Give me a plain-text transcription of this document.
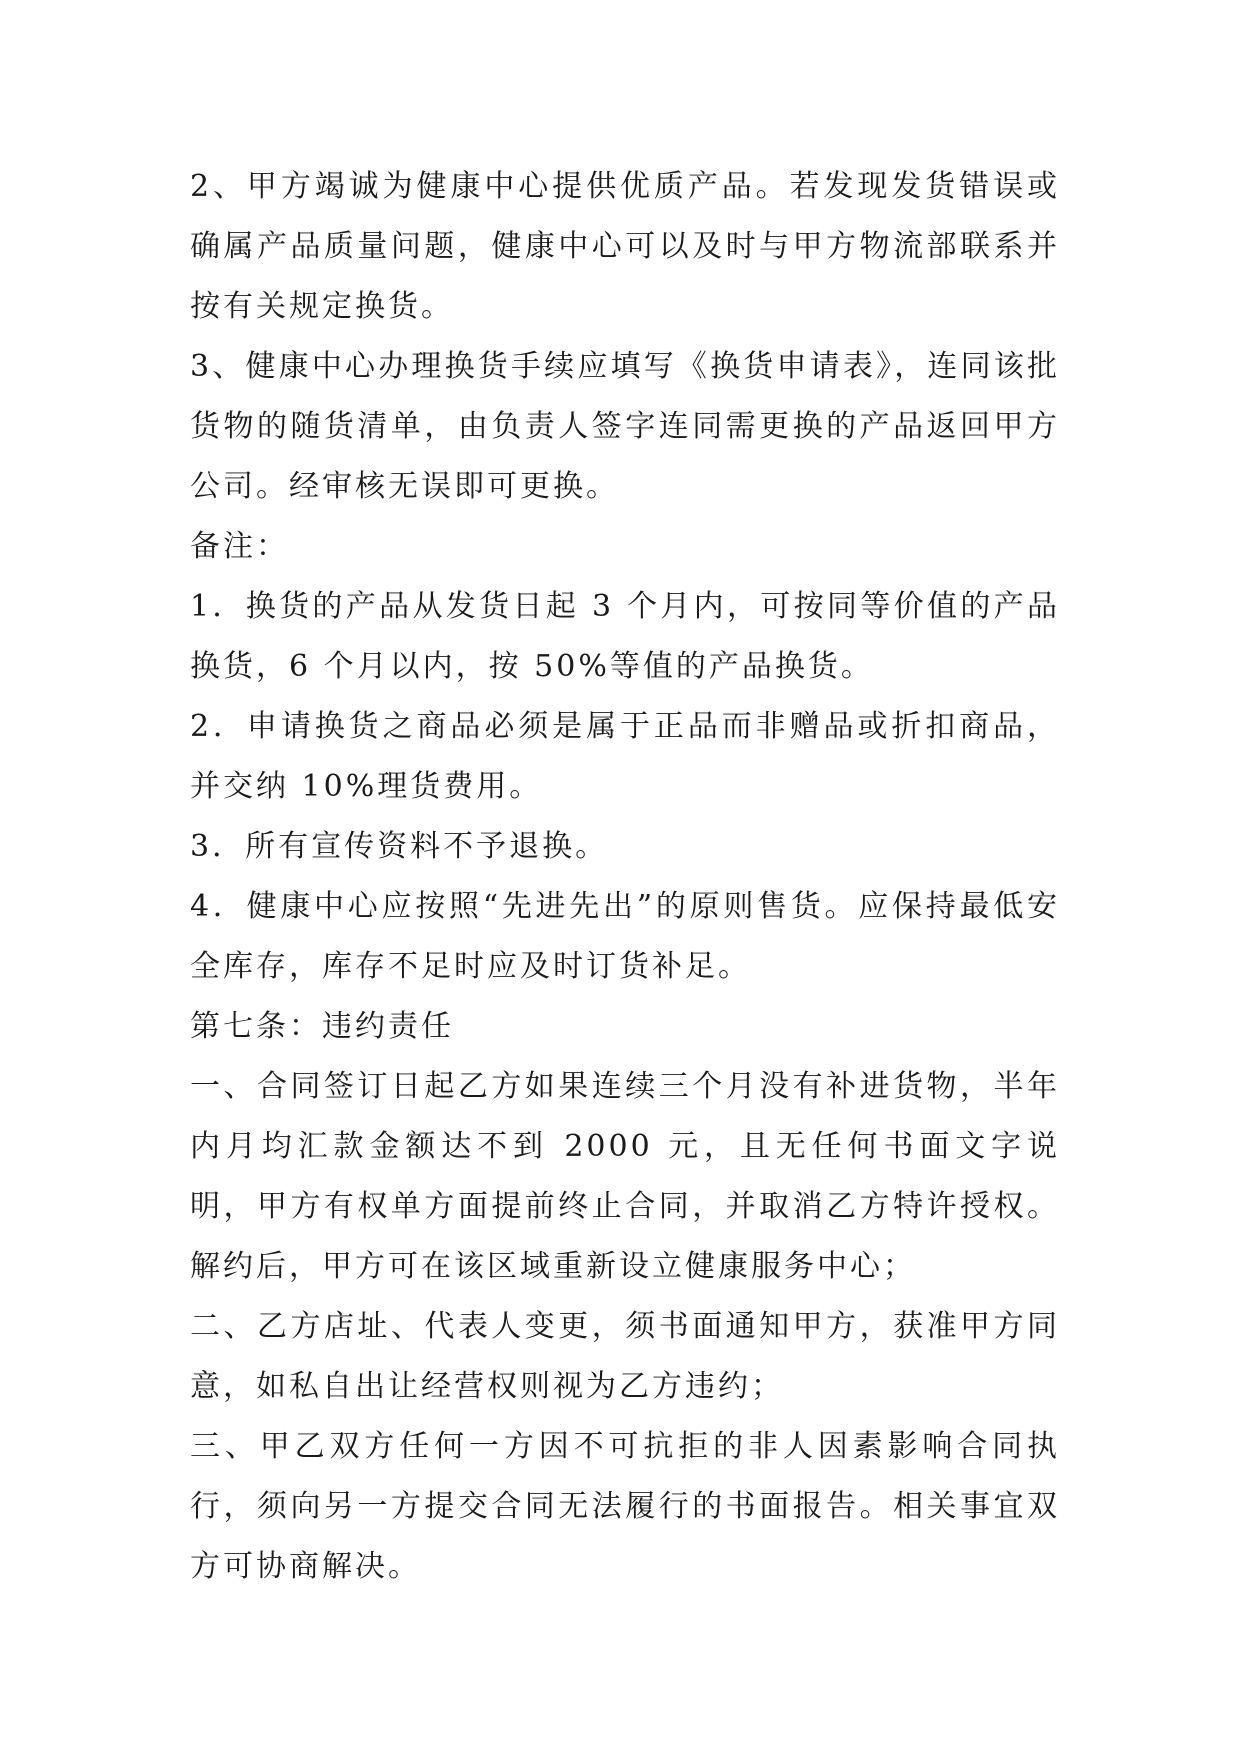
2、甲方竭诚为健康中心提供优质产品。若发现发货错误或确属产品质量问题，健康中心可以及时与甲方物流部联系并按有关规定换货。

3、健康中心办理换货手续应填写《换货申请表》，连同该批货物的随货清单，由负责人签字连同需更换的产品返回甲方公司。经审核无误即可更换。

备注：

1．换货的产品从发货日起 3 个月内，可按同等价值的产品换货，6 个月以内，按 50%等值的产品换货。

2．申请换货之商品必须是属于正品而非赠品或折扣商品，并交纳 10%理货费用。

3．所有宣传资料不予退换。

4．健康中心应按照“先进先出”的原则售货。应保持最低安全库存，库存不足时应及时订货补足。

第七条：违约责任

一、合同签订日起乙方如果连续三个月没有补进货物，半年内月均汇款金额达不到 2000 元，且无任何书面文字说明，甲方有权单方面提前终止合同，并取消乙方特许授权。解约后，甲方可在该区域重新设立健康服务中心；

二、乙方店址、代表人变更，须书面通知甲方，获准甲方同意，如私自出让经营权则视为乙方违约；

三、甲乙双方任何一方因不可抗拒的非人因素影响合同执行，须向另一方提交合同无法履行的书面报告。相关事宜双方可协商解决。
